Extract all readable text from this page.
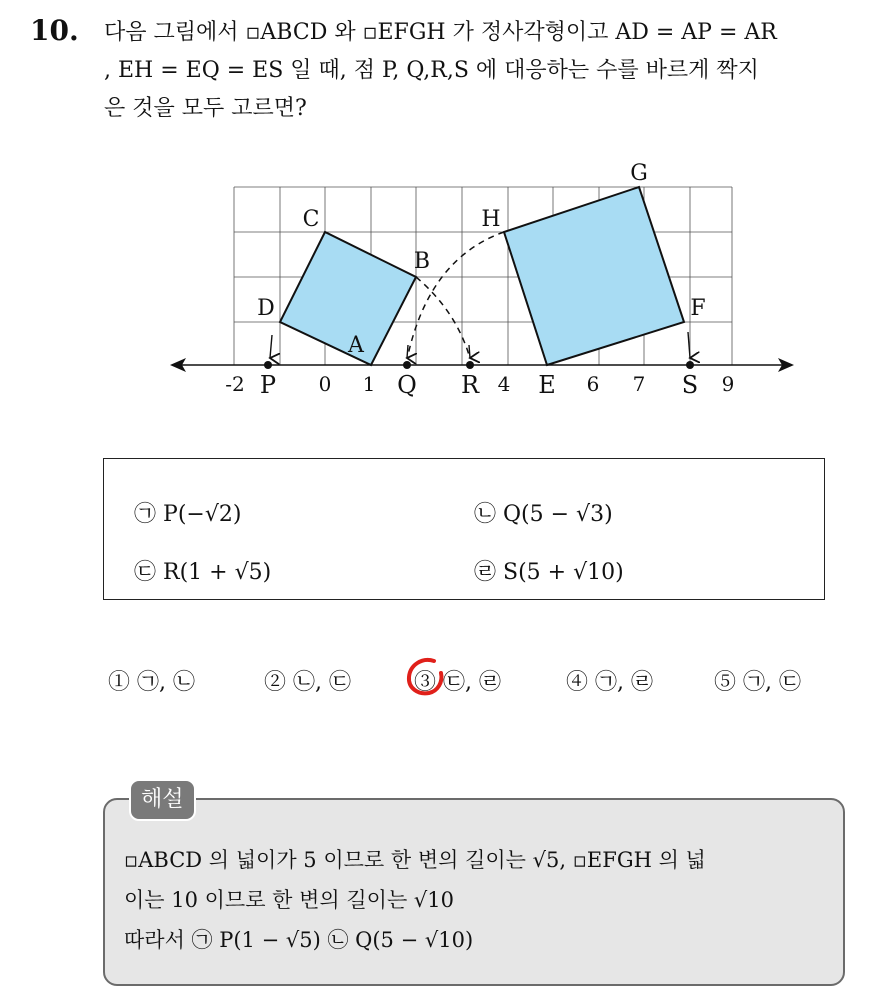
10. 다음 그림에서 ▫ABCD 와 ▫EFGH 가 정사각형이고 AD = AP = AR
, EH = EQ = ES 일 때, 점 P, Q,R,S 에 대응하는 수를 바르게 짝지
은 것을 모두 고르면?
-2 P 0 1 Q R 4 E 6 7 S 9
A
B
C
D	F
G
H
㉠ P(−√2)	㉡ Q(5 − √3)
㉢ R(1 + √5)	㉣ S(5 + √10)
① ㉠, ㉡	② ㉡, ㉢	③ ㉢, ㉣	④ ㉠, ㉣	⑤ ㉠, ㉢
해설
▫ABCD 의 넓이가 5 이므로 한 변의 길이는 √5, ▫EFGH 의 넓
이는 10 이므로 한 변의 길이는 √10
따라서 ㉠ P(1 − √5) ㉡ Q(5 − √10)
